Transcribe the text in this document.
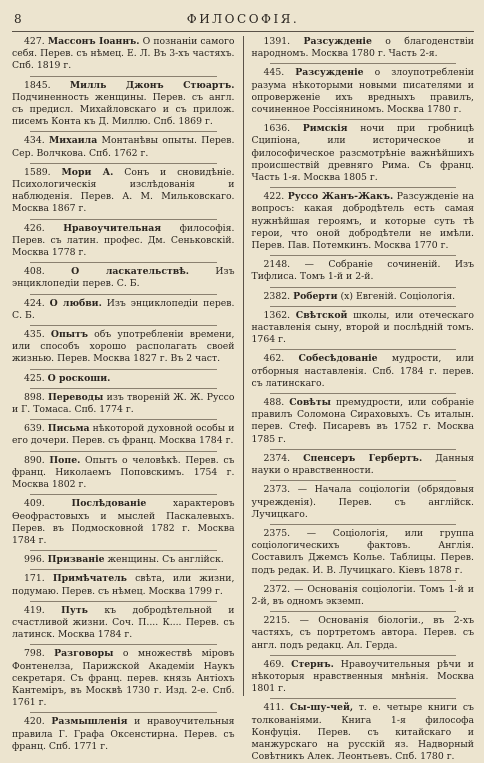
8	ФИЛОСОФІЯ.
427. Массонъ Іоаннъ. О познаніи самого себя. Перев. съ нѣмец. Е. Л. Въ 3-хъ частяхъ. Спб. 1819 г.
1845. Милль Джонъ Стюартъ. Подчиненность женщины. Перев. съ англ. съ предисл. Михайловскаго и съ прилож. писемъ Конта къ Д. Миллю. Спб. 1869 г.
434. Михаила Монтанѣвы опыты. Перев. Сер. Волчкова. Спб. 1762 г.
1589. Мори А. Сонъ и сновидѣніе. Психологическія изслѣдованія и наблюденія. Перев. А. М. Мильковскаго. Москва 1867 г.
426. Нравоучительная философія. Перев. съ латин. профес. Дм. Сеньковскій. Москва 1778 г.
408.	О ласкательствѣ.	Изъ энциклопедіи перев. С. Б.
424. О любви. Изъ энциклопедіи перев. С. Б.
435. Опытъ объ употребленіи времени, или способъ хорошо располагать своей жизнью. Перев. Москва 1827 г. Въ 2 част.
425. О роскоши.
898. Переводы изъ твореній Ж. Ж. Руссо и Г. Томаса. Спб. 1774 г.
639. Письма нѣкоторой духовной особы и его дочери. Перев. съ франц. Москва 1784 г.
890. Попе. Опытъ о человѣкѣ. Перев. съ франц. Николаемъ Поповскимъ. 1754 г. Москва 1802 г.
409.	Послѣдованіе	характеровъ Ѳеофрастовыхъ и мыслей Паскалевыхъ. Перев. въ Подмосковной 1782 г. Москва 1784 г.
996. Призваніе женщины. Съ англійск.
171. Примѣчатель свѣта, или жизни, подумаю. Перев. съ нѣмец. Москва 1799 г.
419. Путь къ добродѣтельной и счастливой жизни. Соч. П.... К.... Перев. съ латинск. Москва 1784 г.
798. Разговоры о множествѣ міровъ Фонтенелза, Парижской Академіи Наукъ секретаря. Съ франц. перев. князь Антіохъ Кантеміръ, въ Москвѣ 1730 г. Изд. 2-е. Спб. 1761 г.
420. Размышленія и нравоучительныя правила Г. Графа Оксенстирна. Перев. съ франц. Спб. 1771 г.
1391. Разсужденіе о благоденствіи народномъ. Москва 1780 г. Часть 2-я.
445. Разсужденіе о злоупотребленіи разума нѣкоторыми новыми писателями и опроверженіе ихъ вредныхъ правилъ, сочиненное Россіяниномъ. Москва 1780 г.
1636. Римскія ночи при гробницѣ Сципіона, или историческое и философическое разсмотрѣніе важнѣйшихъ происшествій древняго Рима. Съ франц. Часть 1-я. Москва 1805 г.
422. Руссо Жанъ-Жакъ. Разсужденіе на вопросъ: какая добродѣтель есть самая нужнѣйшая героямъ, и которые суть тѣ герои, что оной добродѣтели не имѣли. Перев. Пав. Потемкинъ. Москва 1770 г.
2148. — Собраніе сочиненій. Изъ Тифлиса. Томъ 1-й и 2-й.
2382. Роберти (х) Евгеній. Соціологія.
1362. Свѣтской школы, или отеческаго наставленія сыну, второй и послѣдній томъ. 1764 г.
462. Собесѣдованіе мудрости, или отборныя наставленія. Спб. 1784 г. перев. съ латинскаго.
488. Совѣты премудрости, или собраніе правилъ Соломона Сираховыхъ. Съ италын. перев. Стеф. Писаревъ въ 1752 г. Москва 1785 г.
2374. Спенсеръ Гербертъ. Данныя науки о нравственности.
2373. — Начала соціологіи (обрядовыя учрежденія). Перев. съ англійск. Лучицкаго.
2375. — Соціологія, или группа соціологическихъ фактовъ. Англія. Составилъ Джемсъ Кольe. Таблицы. Перев. подъ редак. И. В. Лучицкаго. Кіевъ 1878 г.
2372. — Основанія соціологіи. Томъ 1-й и 2-й, въ одномъ экземп.
2215. — Основанія біологіи., въ 2-хъ частяхъ, съ портретомъ автора. Перев. съ англ. подъ редакц. Ал. Герда.
469. Стернъ. Нравоучительныя рѣчи и нѣкоторыя нравственныя мнѣнія. Москва 1801 г.
411. Сы-шу-чей, т. е. четыре книги съ толкованіями. Книга 1-я философа Конфуція. Перев. съ китайскаго и манжурскаго на русскій яз. Надворный Совѣтникъ Алек. Леонтьевъ. Спб. 1780 г.
